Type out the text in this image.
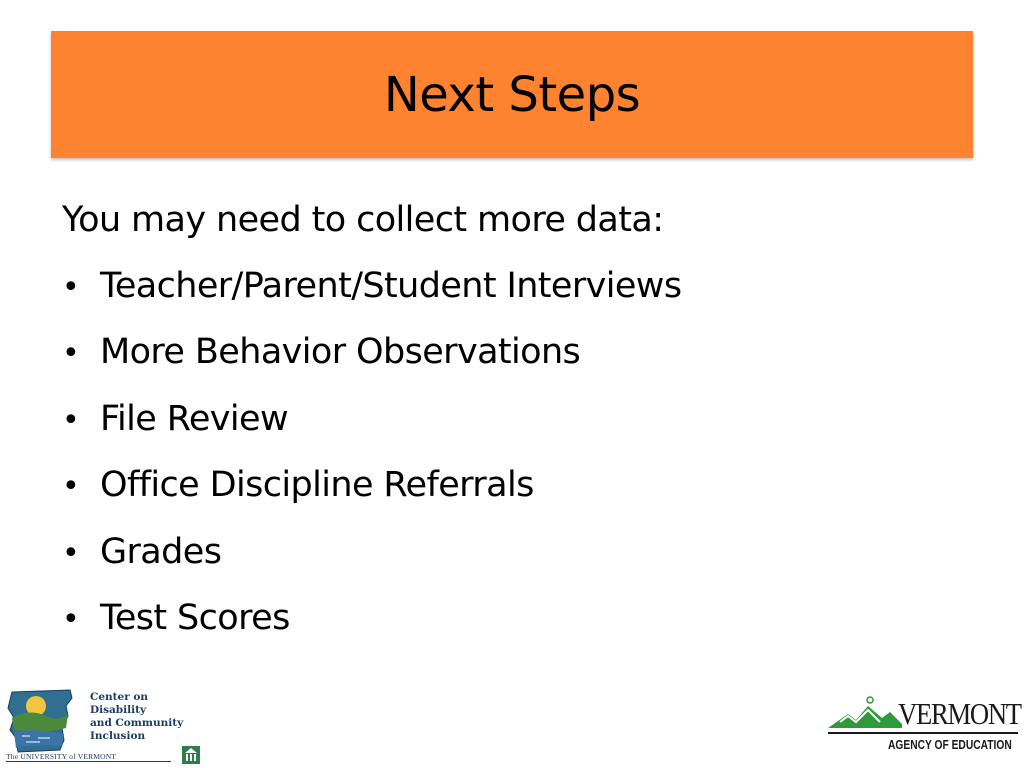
Next Steps
You may need to collect more data:
• Teacher/Parent/Student Interviews
• More Behavior Observations
• File Review
• Office Discipline Referrals
• Grades
• Test Scores
Center on
Disability
and Community
Inclusion
The UNIVERSITY of VERMONT
VERMONT
AGENCY OF EDUCATION
